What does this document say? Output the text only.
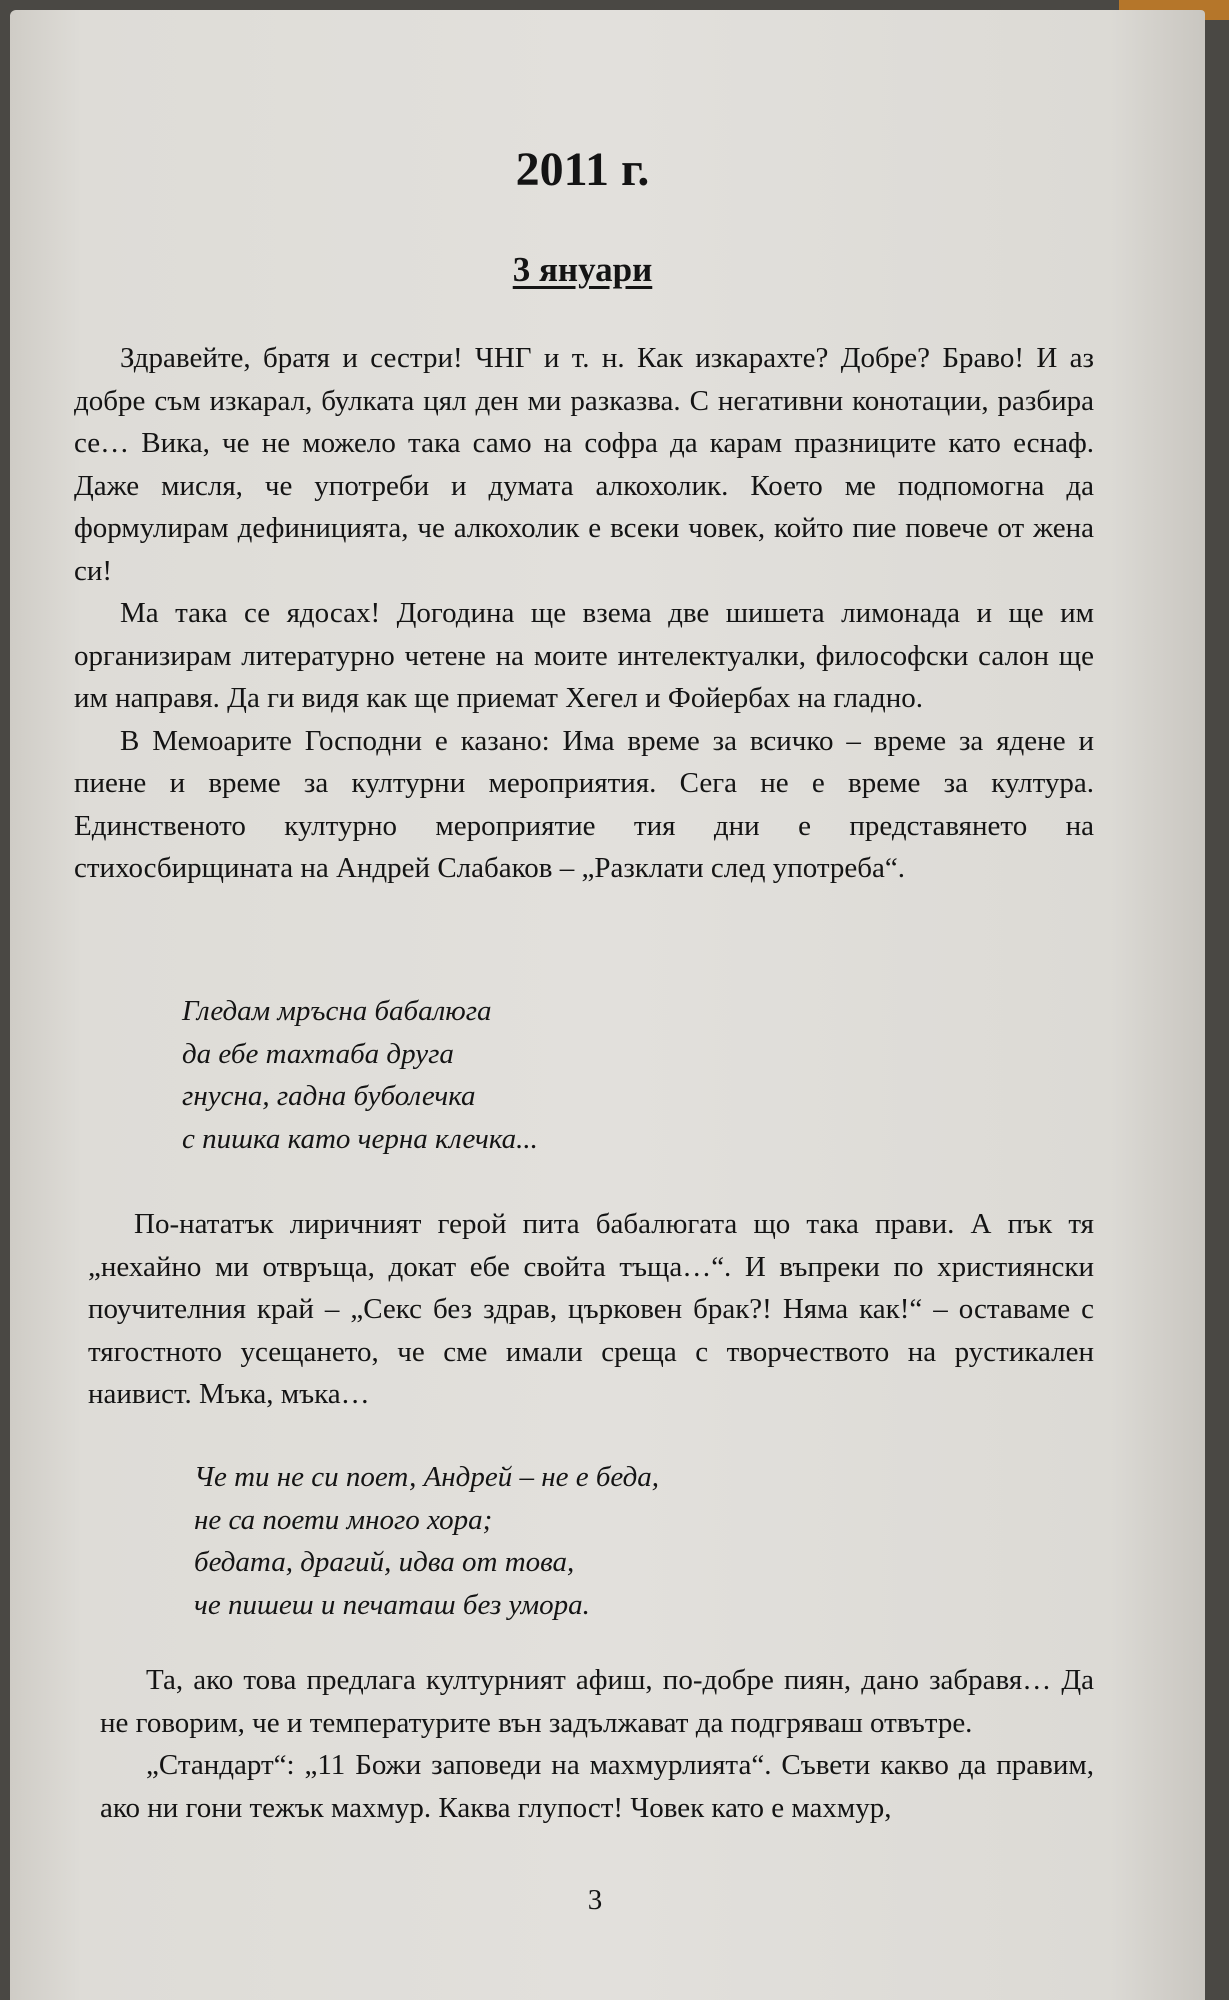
2011 г.
3 януари

Здравейте, братя и сестри! ЧНГ и т. н. Как изкарахте? Добре? Браво! И аз добре съм изкарал, булката цял ден ми разказва. С негативни конотации, разбира се… Вика, че не можело така само на софра да карам празниците като еснаф. Даже мисля, че употреби и думата алкохолик. Което ме подпомогна да формулирам дефиницията, че алкохолик е всеки човек, който пие повече от жена си!

Ма така се ядосах! Догодина ще взема две шишета лимонада и ще им организирам литературно четене на моите интелектуалки, философски салон ще им направя. Да ги видя как ще приемат Хегел и Фойербах на гладно.

В Мемоарите Господни е казано: Има време за всичко – време за ядене и пиене и време за културни мероприятия. Сега не е време за култура. Единственото културно мероприятие тия дни е представянето на стихосбирщината на Андрей Слабаков – „Разклати след употреба“.

Гледам мръсна бабалюга
да ебе тахтаба друга
гнусна, гадна буболечка
с пишка като черна клечка...

По-нататък лиричният герой пита бабалюгата що така прави. А пък тя „нехайно ми отвръща, докат ебе свойта тъща…“. И въпреки по християнски поучителния край – „Секс без здрав, църковен брак?! Няма как!“ – оставаме с тягостното усещането, че сме имали среща с творчеството на рустикален наивист. Мъка, мъка…

Че ти не си поет, Андрей – не е беда,
не са поети много хора;
бедата, драгий, идва от това,
че пишеш и печаташ без умора.

Та, ако това предлага културният афиш, по-добре пиян, дано забравя… Да не говорим, че и температурите вън задължават да подгряваш отвътре.

„Стандарт“: „11 Божи заповеди на махмурлията“. Съвети какво да правим, ако ни гони тежък махмур. Каква глупост! Човек като е махмур,

3
